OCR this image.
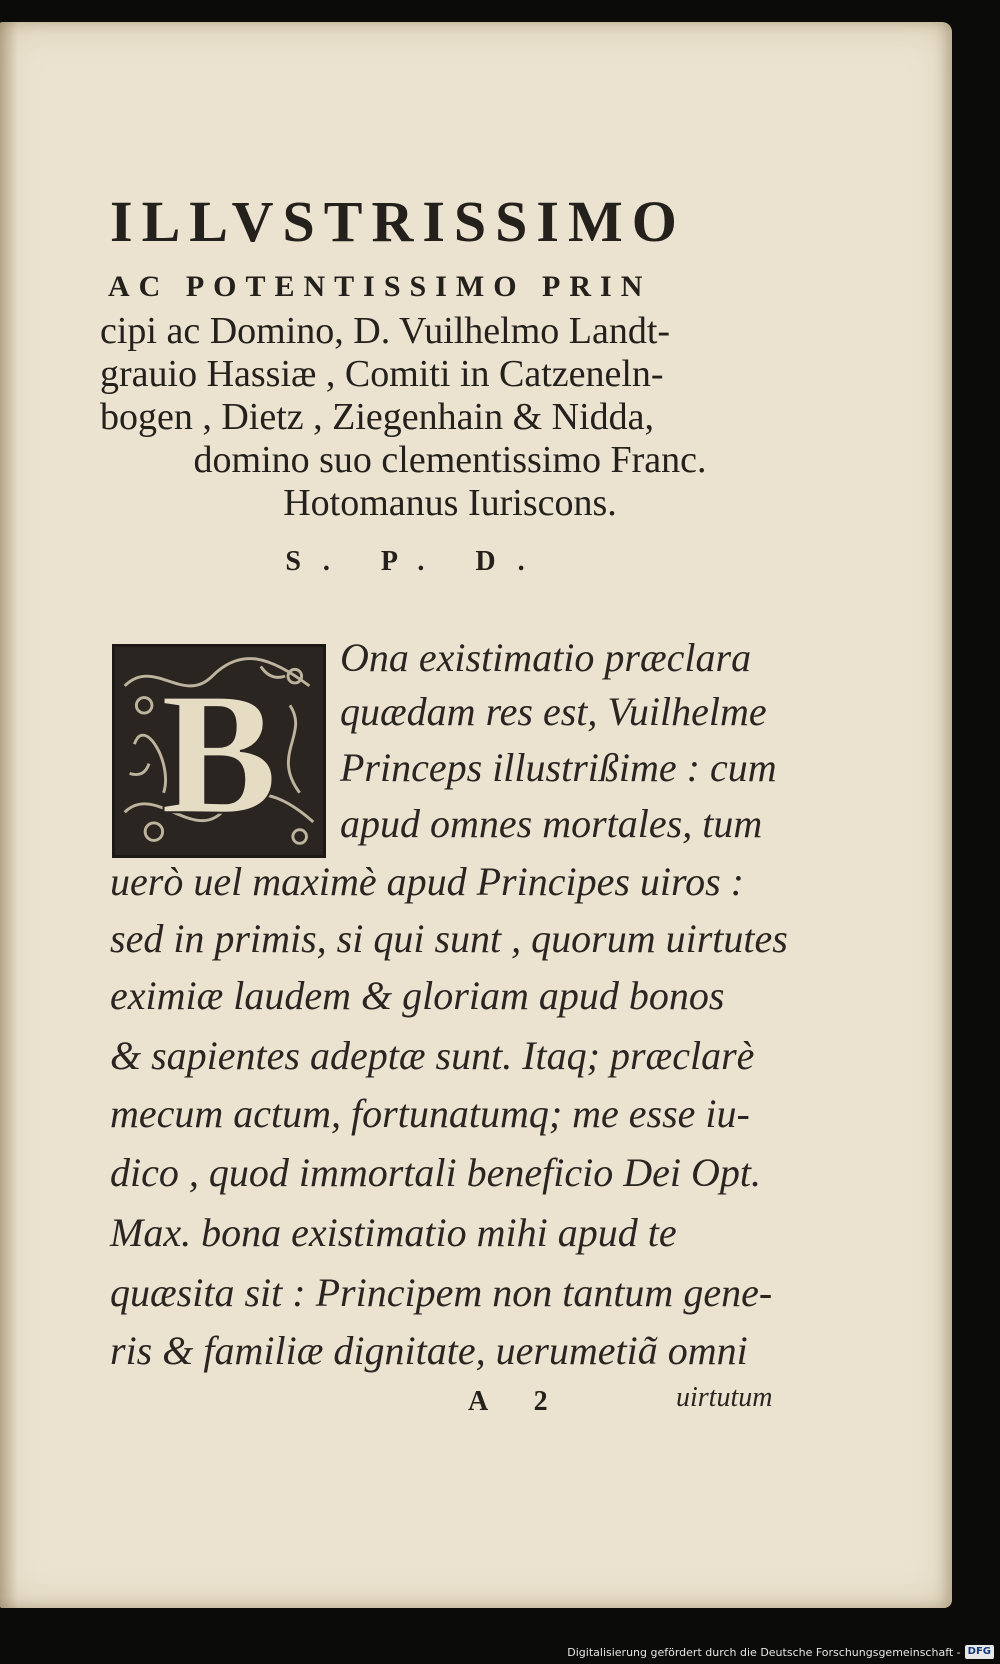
ILLVSTRISSIMO
AC POTENTISSIMO PRIN
cipi ac Domino, D. Vuilhelmo Landt-
grauio Hassiæ , Comiti in Catzeneln-
bogen , Dietz , Ziegenhain & Nidda,
domino suo clementissimo Franc.
Hotomanus Iuriscons.
S. P. D.
B Ona existimatio præclara
quædam res est, Vuilhelme
Princeps illustrißime : cum
apud omnes mortales, tum
uerò uel maximè apud Principes uiros :
sed in primis, si qui sunt , quorum uirtutes
eximiæ laudem & gloriam apud bonos
& sapientes adeptæ sunt. Itaq; præclarè
mecum actum, fortunatumq; me esse iu-
dico , quod immortali beneficio Dei Opt.
Max. bona existimatio mihi apud te
quæsita sit : Principem non tantum gene-
ris & familiæ dignitate, uerumetiã omni
A 2	uirtutum
Digitalisierung gefördert durch die Deutsche Forschungsgemeinschaft - DFG
